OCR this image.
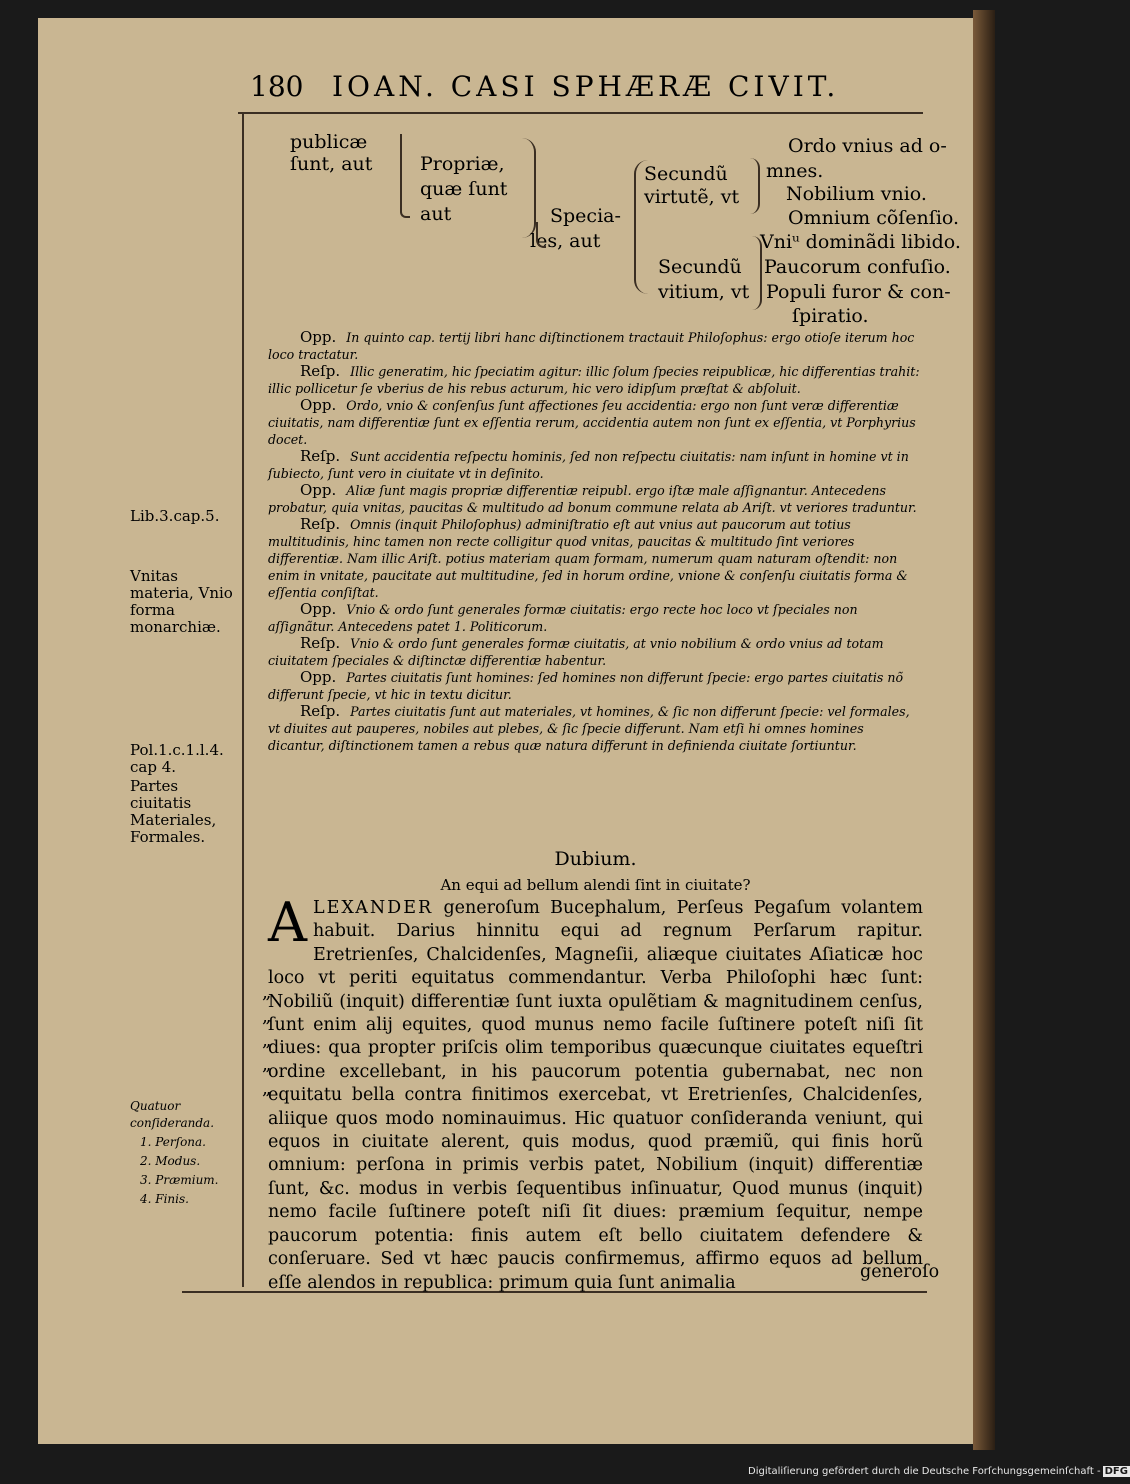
180 IOAN. CASI SPHÆRÆ CIVIT.
publicæ
ſunt, aut	Propriæ,
quæ ſunt
aut	Specia-
les, aut
Secundũ
virtutẽ, vt
Secundũ
vitium, vt
Ordo vnius ad o-
mnes.
Nobilium vnio.
Omnium cõſenſio.
Vniᵘ dominãdi libido.
Paucorum confuſio.
Populi furor & con-
ſpiratio.

Opp. In quinto cap. tertij libri hanc diſtinctionem tractauit Philoſophus: ergo otioſe iterum hoc loco tractatur.

Reſp. Illic generatim, hic ſpeciatim agitur: illic ſolum ſpecies reipublicæ, hic differentias trahit: illic pollicetur ſe vberius de his rebus acturum, hic vero idipſum præſtat & abſoluit.

Opp. Ordo, vnio & conſenſus ſunt affectiones ſeu accidentia: ergo non ſunt veræ differentiæ ciuitatis, nam differentiæ ſunt ex eſſentia rerum, accidentia autem non ſunt ex eſſentia, vt Porphyrius docet.

Reſp. Sunt accidentia reſpectu hominis, ſed non reſpectu ciuitatis: nam inſunt in homine vt in ſubiecto, ſunt vero in ciuitate vt in deſinito.

Opp. Aliæ ſunt magis propriæ differentiæ reipubl. ergo iſtæ male aſſignantur. Antecedens probatur, quia vnitas, paucitas & multitudo ad bonum commune relata ab Ariſt. vt veriores traduntur.

Reſp. Omnis (inquit Philoſophus) adminiſtratio eſt aut vnius aut paucorum aut totius multitudinis, hinc tamen non recte colligitur quod vnitas, paucitas & multitudo ſint veriores differentiæ. Nam illic Ariſt. potius materiam quam formam, numerum quam naturam oſtendit: non enim in vnitate, paucitate aut multitudine, ſed in horum ordine, vnione & conſenſu ciuitatis forma & eſſentia conſiſtat.

Opp. Vnio & ordo ſunt generales formæ ciuitatis: ergo recte hoc loco vt ſpeciales non aſſignãtur. Antecedens patet 1. Politicorum.

Reſp. Vnio & ordo ſunt generales formæ ciuitatis, at vnio nobilium & ordo vnius ad totam ciuitatem ſpeciales & diſtinctæ differentiæ habentur.

Opp. Partes ciuitatis ſunt homines: ſed homines non differunt ſpecie: ergo partes ciuitatis nõ differunt ſpecie, vt hic in textu dicitur.

Reſp. Partes ciuitatis ſunt aut materiales, vt homines, & ſic non differunt ſpecie: vel formales, vt diuites aut pauperes, nobiles aut plebes, & ſic ſpecie differunt. Nam etſi hi omnes homines dicantur, diſtinctionem tamen a rebus quæ natura differunt in definienda ciuitate ſortiuntur.

Lib.3.cap.5.
Vnitas materia, Vnio forma monarchiæ.
Pol.1.c.1.l.4. cap 4.
Partes ciuitatis Materiales, Formales.
„
„
„
„
„
Quatuor conſideranda.
1. Perſona.
2. Modus.
3. Præmium.
4. Finis.
Dubium.
An equi ad bellum alendi ſint in ciuitate?
ALEXANDER generoſum Bucephalum, Perſeus Pegaſum volantem habuit. Darius hinnitu equi ad regnum Perſarum rapitur. Eretrienſes, Chalcidenſes, Magneſii, aliæque ciuitates Aſiaticæ hoc loco vt periti equitatus commendantur. Verba Philoſophi hæc ſunt: Nobiliũ (inquit) differentiæ ſunt iuxta opulẽtiam & magnitudinem cenſus, ſunt enim alij equites, quod munus nemo facile ſuſtinere poteſt niſi ſit diues: qua propter priſcis olim temporibus quæcunque ciuitates equeſtri ordine excellebant, in his paucorum potentia gubernabat, nec non equitatu bella contra finitimos exercebat, vt Eretrienſes, Chalcidenſes, aliique quos modo nominauimus. Hic quatuor conſideranda veniunt, qui equos in ciuitate alerent, quis modus, quod præmiũ, qui finis horũ omnium: perſona in primis verbis patet, Nobilium (inquit) differentiæ ſunt, &c. modus in verbis ſequentibus inſinuatur, Quod munus (inquit) nemo facile ſuſtinere poteſt niſi ſit diues: præmium ſequitur, nempe paucorum potentia: finis autem eſt bello ciuitatem defendere & conſeruare. Sed vt hæc paucis confirmemus, affirmo equos ad bellum eſſe alendos in republica: primum quia ſunt animalia
generoſo
Digitaliſierung gefördert durch die Deutsche Forſchungsgemeinſchaft - DFG
